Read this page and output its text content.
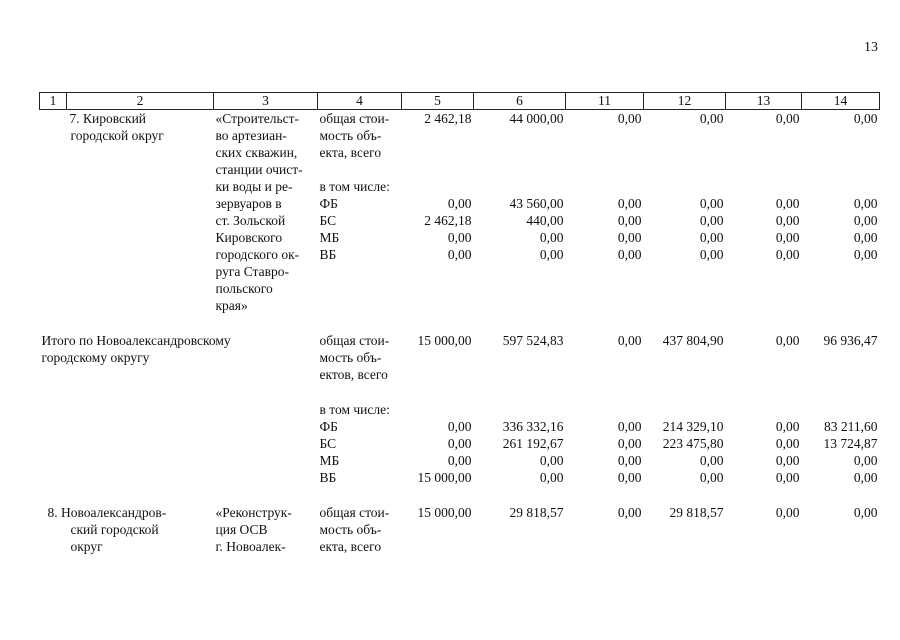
13
1	2	3	4	5	6	11	12	13	14
7. Кировский		«Строительст-	общая стои-	2 462,18	44 000,00	0,00	0,00	0,00	0,00
городской округ		во артезиан-	мость объ-						
		ских скважин,	екта, всего						
		станции очист-							
		ки воды и ре-	в том числе:						
		зервуаров в	ФБ	0,00	43 560,00	0,00	0,00	0,00	0,00
		ст. Зольской	БС	2 462,18	440,00	0,00	0,00	0,00	0,00
		Кировского	МБ	0,00	0,00	0,00	0,00	0,00	0,00
		городского ок-	ВБ	0,00	0,00	0,00	0,00	0,00	0,00
		руга Ставро-							
		польского							
		края»							

Итого по Новоалександровскому			общая стои-	15 000,00	597 524,83	0,00	437 804,90	0,00	96 936,47
городскому округу			мость объ-						
			ектов, всего						

			в том числе:						
			ФБ	0,00	336 332,16	0,00	214 329,10	0,00	83 211,60
			БС	0,00	261 192,67	0,00	223 475,80	0,00	13 724,87
			МБ	0,00	0,00	0,00	0,00	0,00	0,00
			ВБ	15 000,00	0,00	0,00	0,00	0,00	0,00

8. Новоалександров-		«Реконструк-	общая стои-	15 000,00	29 818,57	0,00	29 818,57	0,00	0,00
ский городской		ция ОСВ	мость объ-						
округ		г. Новоалек-	екта, всего						
